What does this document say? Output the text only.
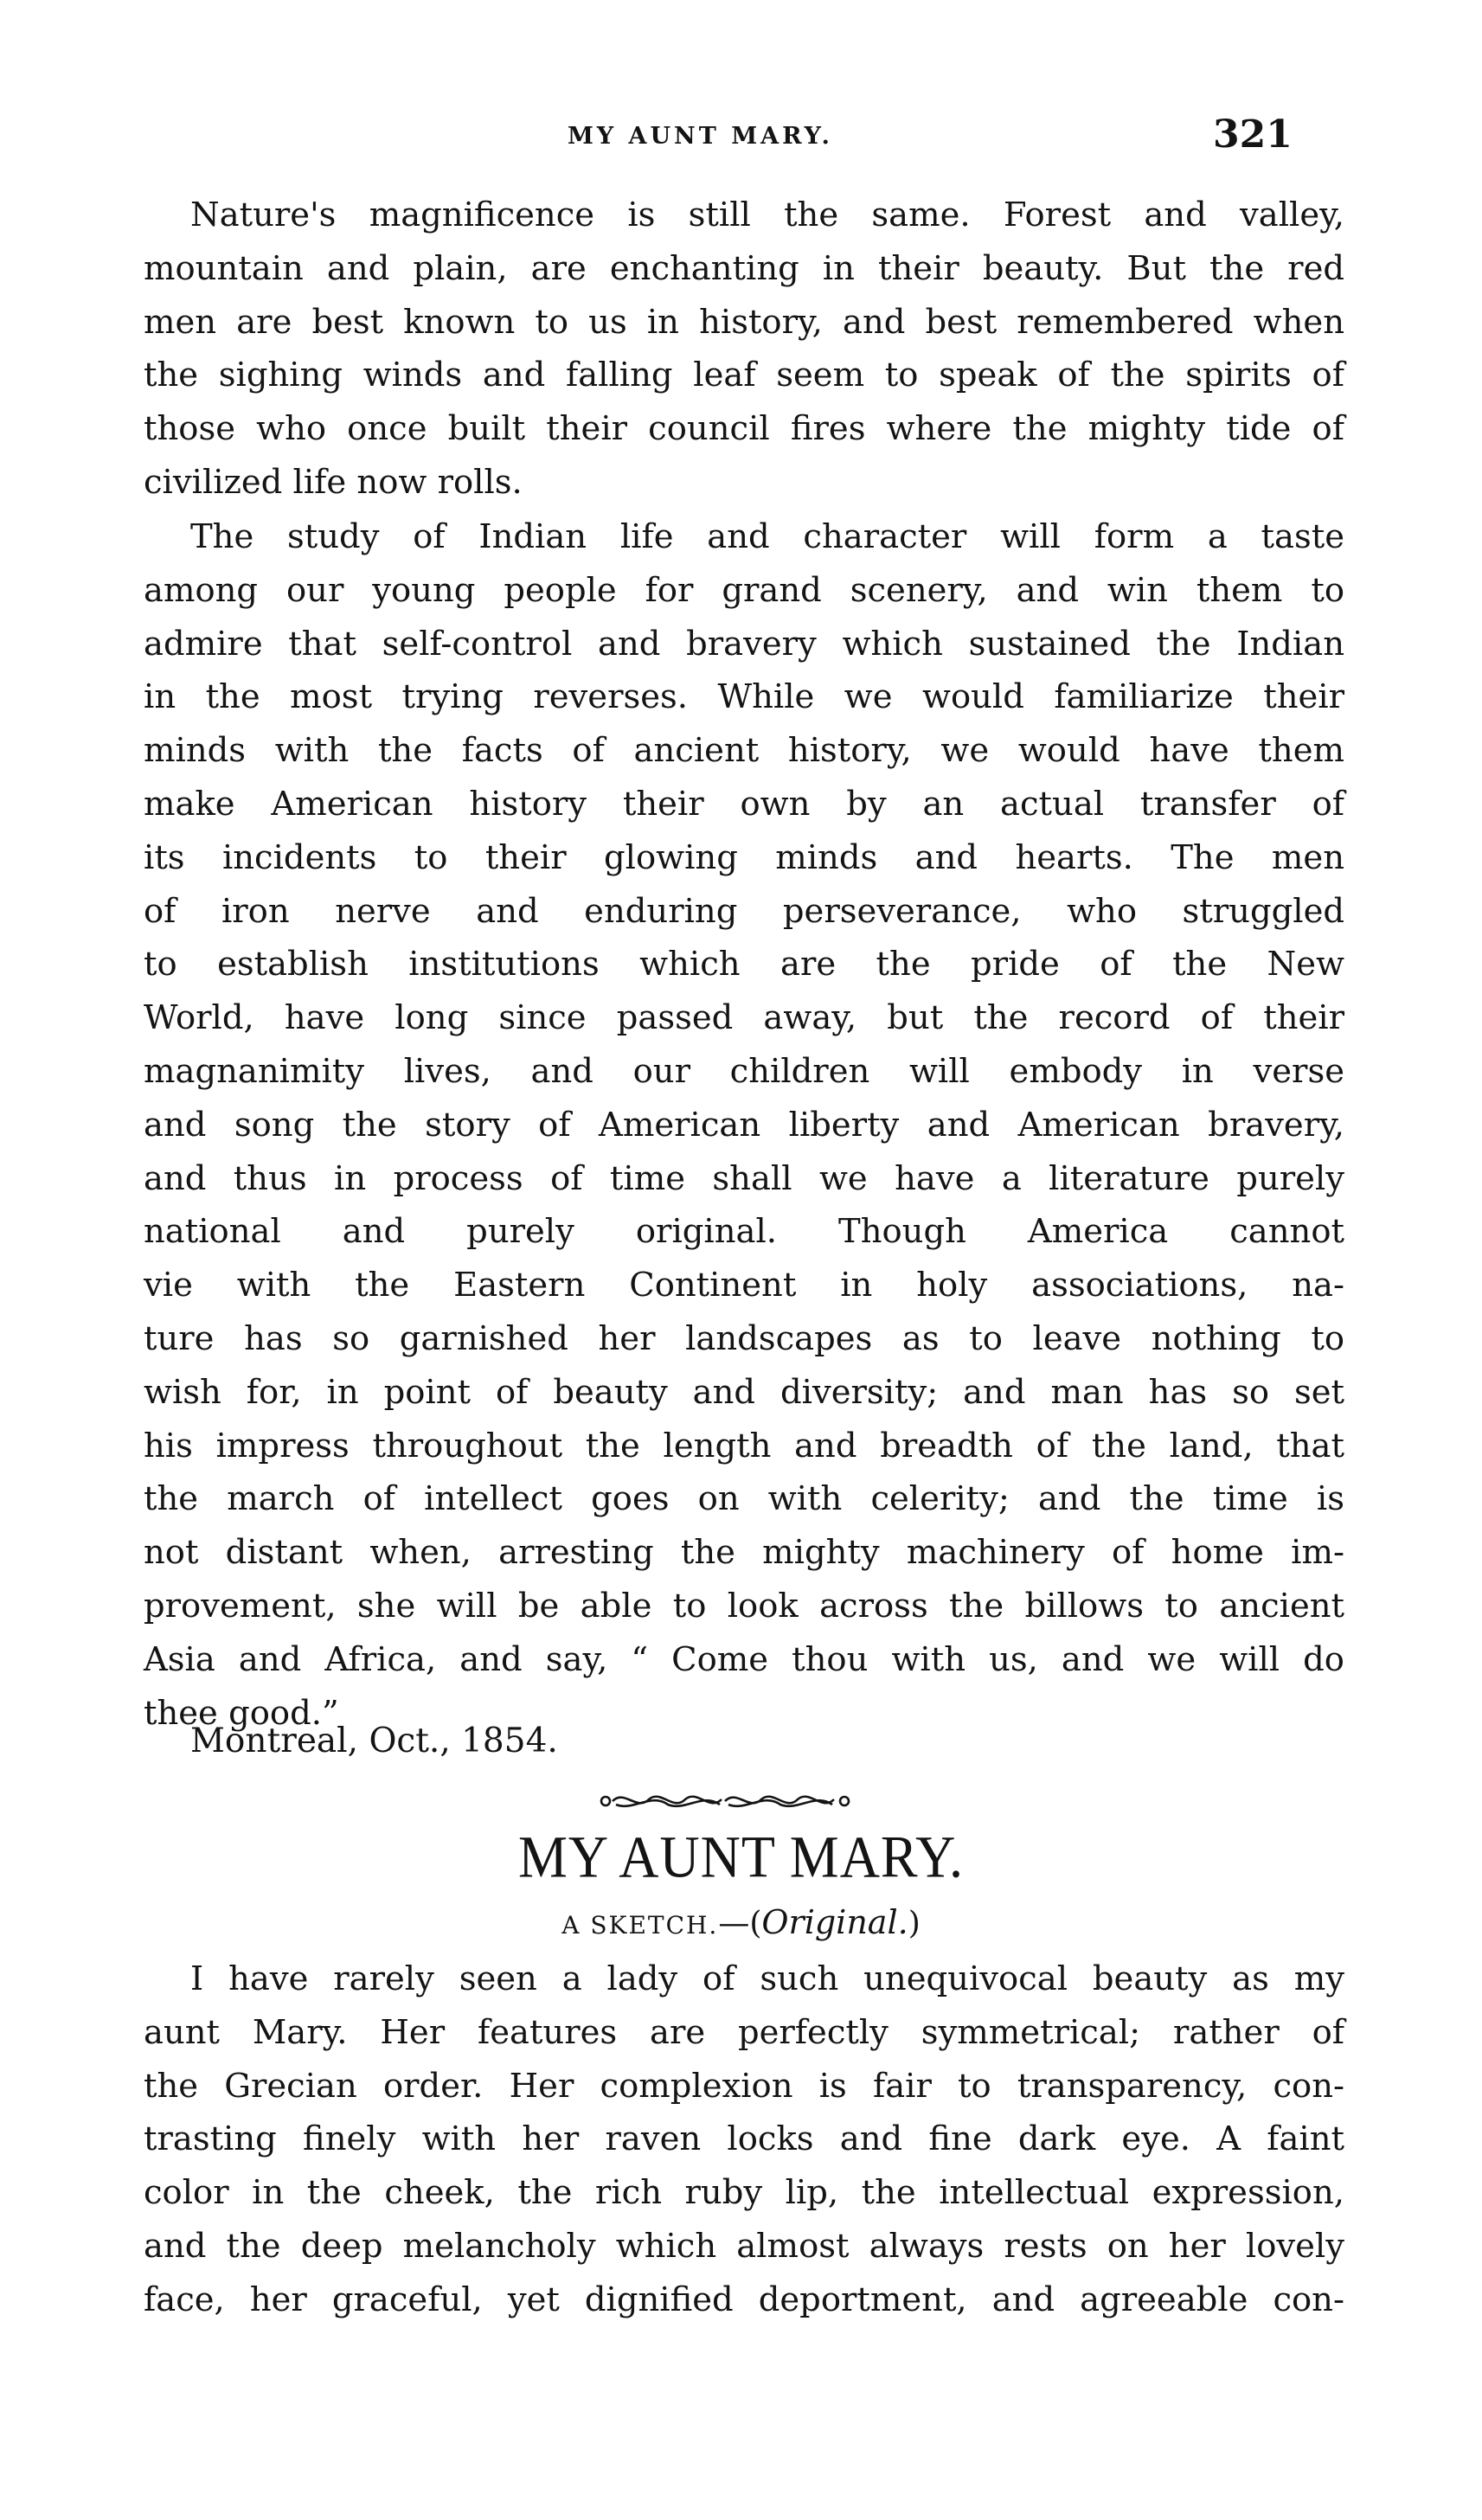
MY AUNT MARY.	321
Nature's magnificence is still the same. Forest and valley,
mountain and plain, are enchanting in their beauty. But the red
men are best known to us in history, and best remembered when
the sighing winds and falling leaf seem to speak of the spirits of
those who once built their council fires where the mighty tide of
civilized life now rolls.
The study of Indian life and character will form a taste
among our young people for grand scenery, and win them to
admire that self-control and bravery which sustained the Indian
in the most trying reverses. While we would familiarize their
minds with the facts of ancient history, we would have them
make American history their own by an actual transfer of
its incidents to their glowing minds and hearts. The men
of iron nerve and enduring perseverance, who struggled
to establish institutions which are the pride of the New
World, have long since passed away, but the record of their
magnanimity lives, and our children will embody in verse
and song the story of American liberty and American bravery,
and thus in process of time shall we have a literature purely
national and purely original. Though America cannot
vie with the Eastern Continent in holy associations, na-
ture has so garnished her landscapes as to leave nothing to
wish for, in point of beauty and diversity; and man has so set
his impress throughout the length and breadth of the land, that
the march of intellect goes on with celerity; and the time is
not distant when, arresting the mighty machinery of home im-
provement, she will be able to look across the billows to ancient
Asia and Africa, and say, “ Come thou with us, and we will do
thee good.”
Montreal, Oct., 1854.
MY AUNT MARY.
A SKETCH.—(Original.)
I have rarely seen a lady of such unequivocal beauty as my
aunt Mary. Her features are perfectly symmetrical; rather of
the Grecian order. Her complexion is fair to transparency, con-
trasting finely with her raven locks and fine dark eye. A faint
color in the cheek, the rich ruby lip, the intellectual expression,
and the deep melancholy which almost always rests on her lovely
face, her graceful, yet dignified deportment, and agreeable con-
